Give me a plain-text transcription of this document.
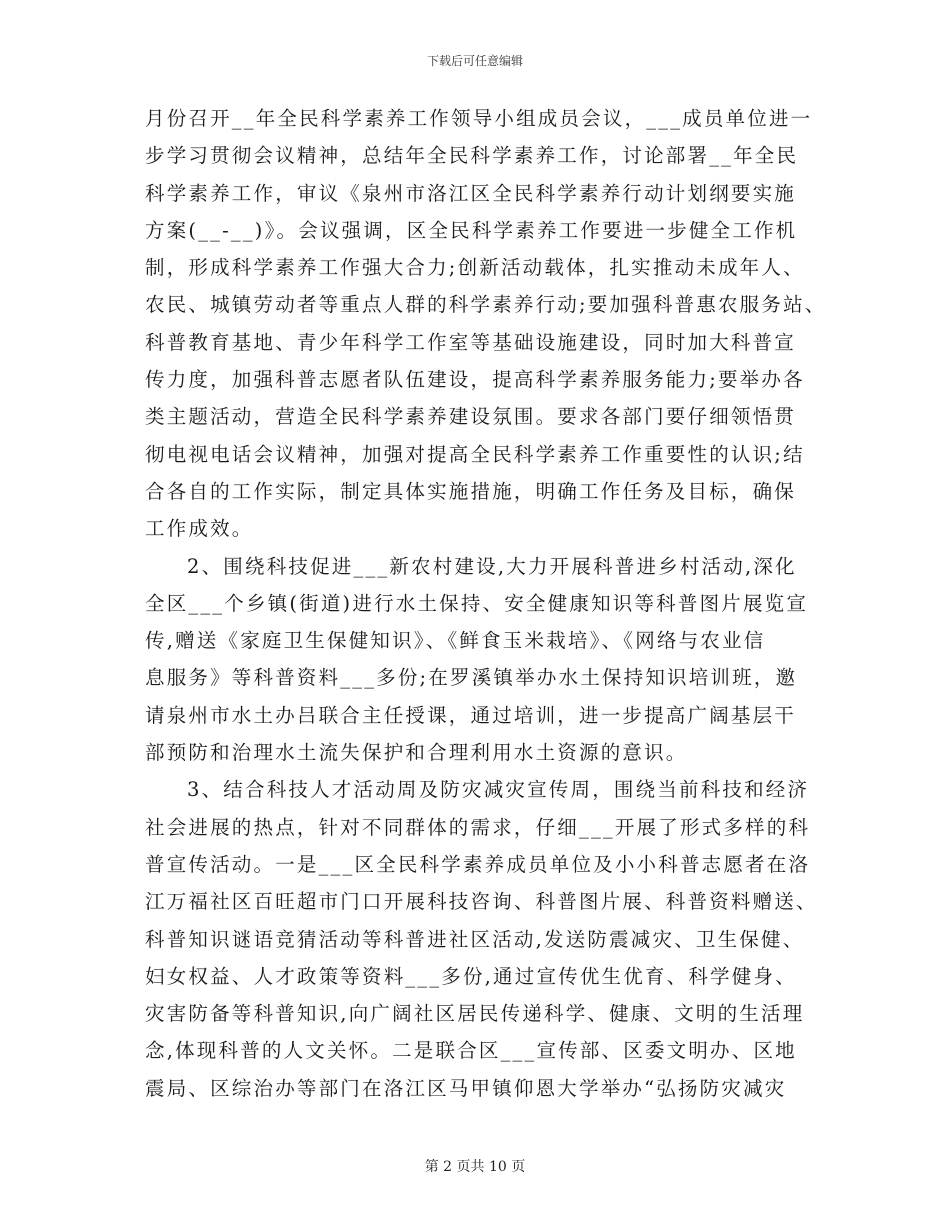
下载后可任意编辑
月份召开__年全民科学素养工作领导小组成员会议，___成员单位进一
步学习贯彻会议精神，总结年全民科学素养工作，讨论部署__年全民
科学素养工作，审议《泉州市洛江区全民科学素养行动计划纲要实施
方案(__-__)》。会议强调，区全民科学素养工作要进一步健全工作机
制，形成科学素养工作强大合力;创新活动载体，扎实推动未成年人、
农民、城镇劳动者等重点人群的科学素养行动;要加强科普惠农服务站、
科普教育基地、青少年科学工作室等基础设施建设，同时加大科普宣
传力度，加强科普志愿者队伍建设，提高科学素养服务能力;要举办各
类主题活动，营造全民科学素养建设氛围。要求各部门要仔细领悟贯
彻电视电话会议精神，加强对提高全民科学素养工作重要性的认识;结
合各自的工作实际，制定具体实施措施，明确工作任务及目标，确保
工作成效。
2、围绕科技促进___新农村建设,大力开展科普进乡村活动,深化
全区___个乡镇(街道)进行水土保持、安全健康知识等科普图片展览宣
传,赠送《家庭卫生保健知识》、《鲜食玉米栽培》、《网络与农业信
息服务》等科普资料___多份;在罗溪镇举办水土保持知识培训班，邀
请泉州市水土办吕联合主任授课，通过培训，进一步提高广阔基层干
部预防和治理水土流失保护和合理利用水土资源的意识。
3、结合科技人才活动周及防灾减灾宣传周，围绕当前科技和经济
社会进展的热点，针对不同群体的需求，仔细___开展了形式多样的科
普宣传活动。一是___区全民科学素养成员单位及小小科普志愿者在洛
江万福社区百旺超市门口开展科技咨询、科普图片展、科普资料赠送、
科普知识谜语竞猜活动等科普进社区活动,发送防震减灾、卫生保健、
妇女权益、人才政策等资料___多份,通过宣传优生优育、科学健身、
灾害防备等科普知识,向广阔社区居民传递科学、健康、文明的生活理
念,体现科普的人文关怀。二是联合区___宣传部、区委文明办、区地
震局、区综治办等部门在洛江区马甲镇仰恩大学举办“弘扬防灾减灾
第 2 页共 10 页
